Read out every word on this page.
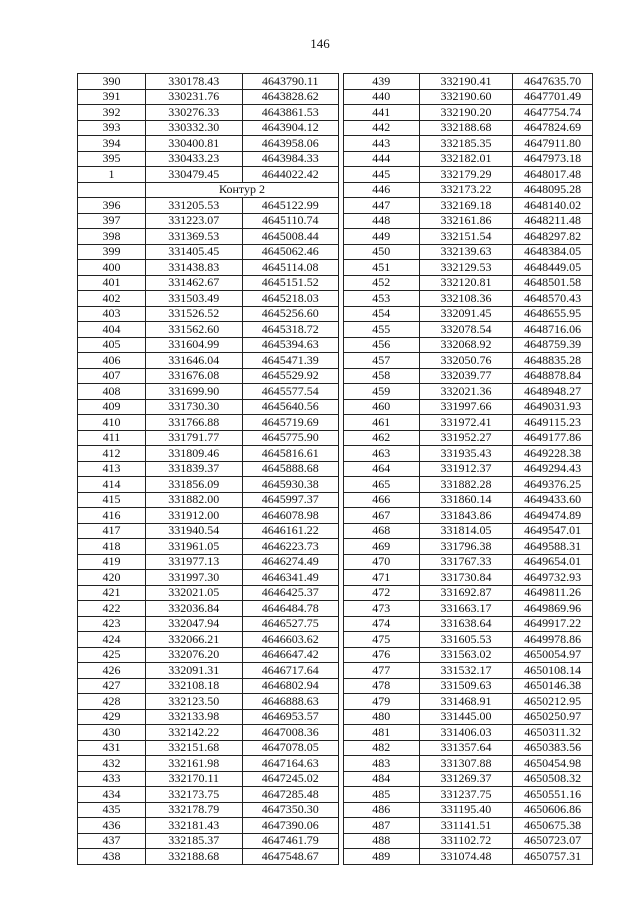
146
390	330178.43	4643790.11
391	330231.76	4643828.62
392	330276.33	4643861.53
393	330332.30	4643904.12
394	330400.81	4643958.06
395	330433.23	4643984.33
1	330479.45	4644022.42
	Контур 2	
396	331205.53	4645122.99
397	331223.07	4645110.74
398	331369.53	4645008.44
399	331405.45	4645062.46
400	331438.83	4645114.08
401	331462.67	4645151.52
402	331503.49	4645218.03
403	331526.52	4645256.60
404	331562.60	4645318.72
405	331604.99	4645394.63
406	331646.04	4645471.39
407	331676.08	4645529.92
408	331699.90	4645577.54
409	331730.30	4645640.56
410	331766.88	4645719.69
411	331791.77	4645775.90
412	331809.46	4645816.61
413	331839.37	4645888.68
414	331856.09	4645930.38
415	331882.00	4645997.37
416	331912.00	4646078.98
417	331940.54	4646161.22
418	331961.05	4646223.73
419	331977.13	4646274.49
420	331997.30	4646341.49
421	332021.05	4646425.37
422	332036.84	4646484.78
423	332047.94	4646527.75
424	332066.21	4646603.62
425	332076.20	4646647.42
426	332091.31	4646717.64
427	332108.18	4646802.94
428	332123.50	4646888.63
429	332133.98	4646953.57
430	332142.22	4647008.36
431	332151.68	4647078.05
432	332161.98	4647164.63
433	332170.11	4647245.02
434	332173.75	4647285.48
435	332178.79	4647350.30
436	332181.43	4647390.06
437	332185.37	4647461.79
438	332188.68	4647548.67
439	332190.41	4647635.70
440	332190.60	4647701.49
441	332190.20	4647754.74
442	332188.68	4647824.69
443	332185.35	4647911.80
444	332182.01	4647973.18
445	332179.29	4648017.48
446	332173.22	4648095.28
447	332169.18	4648140.02
448	332161.86	4648211.48
449	332151.54	4648297.82
450	332139.63	4648384.05
451	332129.53	4648449.05
452	332120.81	4648501.58
453	332108.36	4648570.43
454	332091.45	4648655.95
455	332078.54	4648716.06
456	332068.92	4648759.39
457	332050.76	4648835.28
458	332039.77	4648878.84
459	332021.36	4648948.27
460	331997.66	4649031.93
461	331972.41	4649115.23
462	331952.27	4649177.86
463	331935.43	4649228.38
464	331912.37	4649294.43
465	331882.28	4649376.25
466	331860.14	4649433.60
467	331843.86	4649474.89
468	331814.05	4649547.01
469	331796.38	4649588.31
470	331767.33	4649654.01
471	331730.84	4649732.93
472	331692.87	4649811.26
473	331663.17	4649869.96
474	331638.64	4649917.22
475	331605.53	4649978.86
476	331563.02	4650054.97
477	331532.17	4650108.14
478	331509.63	4650146.38
479	331468.91	4650212.95
480	331445.00	4650250.97
481	331406.03	4650311.32
482	331357.64	4650383.56
483	331307.88	4650454.98
484	331269.37	4650508.32
485	331237.75	4650551.16
486	331195.40	4650606.86
487	331141.51	4650675.38
488	331102.72	4650723.07
489	331074.48	4650757.31
